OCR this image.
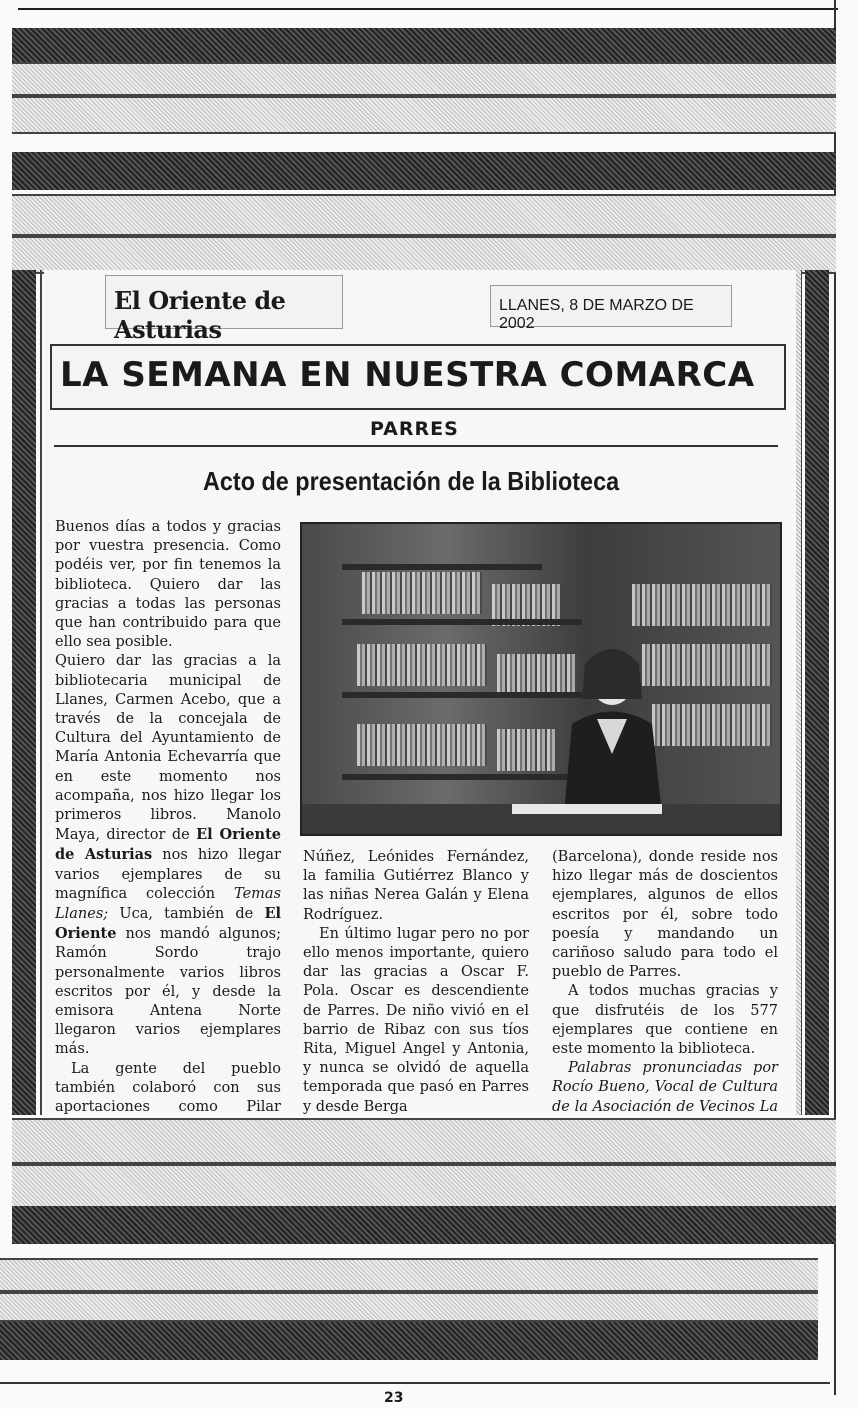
El Oriente de Asturias
LLANES, 8 DE MARZO DE 2002
LA SEMANA EN NUESTRA COMARCA
PARRES
Acto de presentación de la Biblioteca

Buenos días a todos y gracias por vuestra presencia. Como podéis ver, por fin tenemos la biblioteca. Quiero dar las gracias a todas las personas que han contribuido para que ello sea posible.

Quiero dar las gracias a la bibliotecaria municipal de Llanes, Carmen Acebo, que a través de la concejala de Cultura del Ayuntamiento de María Antonia Echevarría que en este momento nos acompaña, nos hizo llegar los primeros libros. Manolo Maya, director de El Oriente de Asturias nos hizo llegar varios ejemplares de su magnífica colección Temas Llanes; Uca, también de El Oriente nos mandó algunos; Ramón Sordo trajo personalmente varios libros escritos por él, y desde la emisora Antena Norte llegaron varios ejemplares más.

La gente del pueblo también colaboró con sus aportaciones como Pilar

Núñez, Leónides Fernández, la familia Gutiérrez Blanco y las niñas Nerea Galán y Elena Rodríguez.

En último lugar pero no por ello menos importante, quiero dar las gracias a Oscar F. Pola. Oscar es descendiente de Parres. De niño vivió en el barrio de Ribaz con sus tíos Rita, Miguel Angel y Antonia, y nunca se olvidó de aquella temporada que pasó en Parres y desde Berga

(Barcelona), donde reside nos hizo llegar más de doscientos ejemplares, algunos de ellos escritos por él, sobre todo poesía y mandando un cariñoso saludo para todo el pueblo de Parres.

A todos muchas gracias y que disfrutéis de los 577 ejemplares que contiene en este momento la biblioteca.

Palabras pronunciadas por Rocío Bueno, Vocal de Cultura de la Asociación de Vecinos La

23
